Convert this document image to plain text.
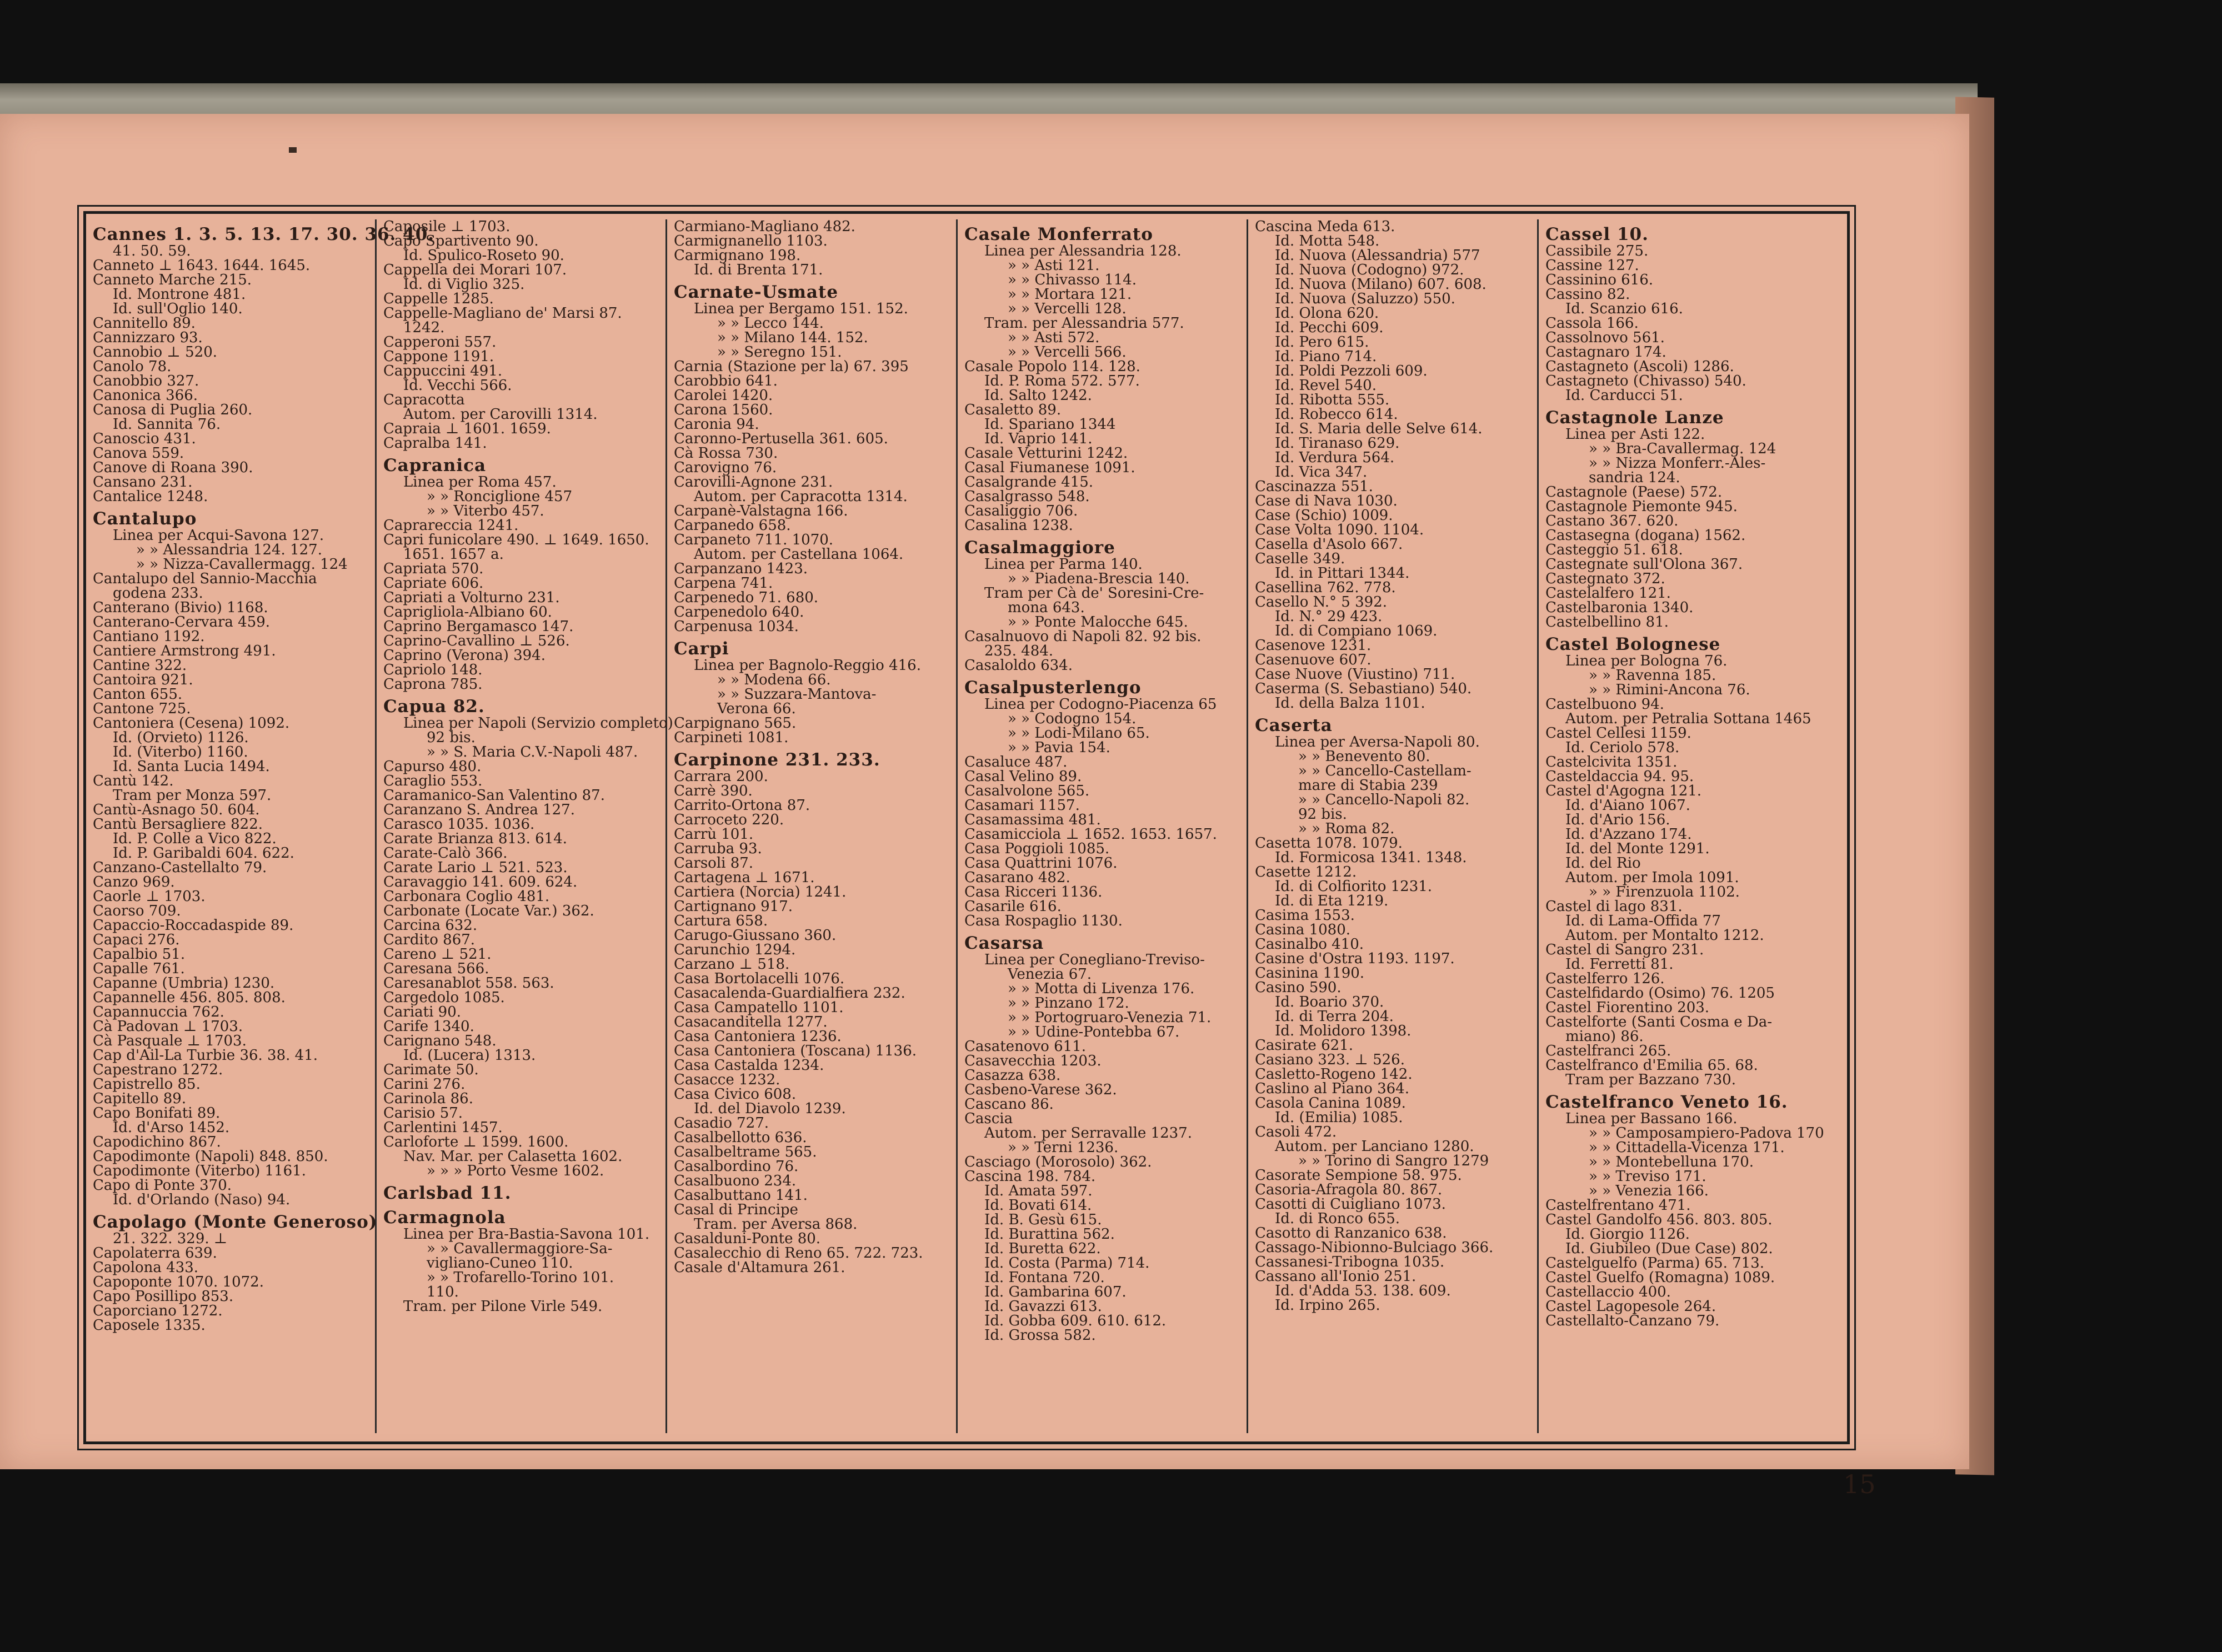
Cannes 1. 3. 5. 13. 17. 30. 36. 40.
41. 50. 59.
Canneto ⊥ 1643. 1644. 1645.
Canneto Marche 215.
Id. Montrone 481.
Id. sull'Oglio 140.
Cannitello 89.
Cannizzaro 93.
Cannobio ⊥ 520.
Canolo 78.
Canobbio 327.
Canonica 366.
Canosa di Puglia 260.
Id. Sannita 76.
Canoscio 431.
Canova 559.
Canove di Roana 390.
Cansano 231.
Cantalice 1248.
Cantalupo
Linea per Acqui-Savona 127.
» » Alessandria 124. 127.
» » Nizza-Cavallermagg. 124
Cantalupo del Sannio-Macchia
godena 233.
Canterano (Bivio) 1168.
Canterano-Cervara 459.
Cantiano 1192.
Cantiere Armstrong 491.
Cantine 322.
Cantoira 921.
Canton 655.
Cantone 725.
Cantoniera (Cesena) 1092.
Id. (Orvieto) 1126.
Id. (Viterbo) 1160.
Id. Santa Lucia 1494.
Cantù 142.
Tram per Monza 597.
Cantù-Asnago 50. 604.
Cantù Bersagliere 822.
Id. P. Colle a Vico 822.
Id. P. Garibaldi 604. 622.
Canzano-Castellalto 79.
Canzo 969.
Caorle ⊥ 1703.
Caorso 709.
Capaccio-Roccadaspide 89.
Capaci 276.
Capalbio 51.
Capalle 761.
Capanne (Umbria) 1230.
Capannelle 456. 805. 808.
Capannuccia 762.
Cà Padovan ⊥ 1703.
Cà Pasquale ⊥ 1703.
Cap d'Ail-La Turbie 36. 38. 41.
Capestrano 1272.
Capistrello 85.
Capitello 89.
Capo Bonifati 89.
Id. d'Arso 1452.
Capodichino 867.
Capodimonte (Napoli) 848. 850.
Capodimonte (Viterbo) 1161.
Capo di Ponte 370.
Id. d'Orlando (Naso) 94.
Capolago (Monte Generoso)
21. 322. 329. ⊥
Capolaterra 639.
Capolona 433.
Capoponte 1070. 1072.
Capo Posillipo 853.
Caporciano 1272.
Caposele 1335.
Caposile ⊥ 1703.
Capo Spartivento 90.
Id. Spulico-Roseto 90.
Cappella dei Morari 107.
Id. di Viglio 325.
Cappelle 1285.
Cappelle-Magliano de' Marsi 87.
1242.
Capperoni 557.
Cappone 1191.
Cappuccini 491.
Id. Vecchi 566.
Capracotta
Autom. per Carovilli 1314.
Capraia ⊥ 1601. 1659.
Capralba 141.
Capranica
Linea per Roma 457.
» » Ronciglione 457
» » Viterbo 457.
Caprareccia 1241.
Capri funicolare 490. ⊥ 1649. 1650.
1651. 1657 a.
Capriata 570.
Capriate 606.
Capriati a Volturno 231.
Caprigliola-Albiano 60.
Caprino Bergamasco 147.
Caprino-Cavallino ⊥ 526.
Caprino (Verona) 394.
Capriolo 148.
Caprona 785.
Capua 82.
Linea per Napoli (Servizio completo)
92 bis.
» » S. Maria C.V.-Napoli 487.
Capurso 480.
Caraglio 553.
Caramanico-San Valentino 87.
Caranzano S. Andrea 127.
Carasco 1035. 1036.
Carate Brianza 813. 614.
Carate-Calò 366.
Carate Lario ⊥ 521. 523.
Caravaggio 141. 609. 624.
Carbonara Coglio 481.
Carbonate (Locate Var.) 362.
Carcina 632.
Cardito 867.
Careno ⊥ 521.
Caresana 566.
Caresanablot 558. 563.
Cargedolo 1085.
Cariati 90.
Carife 1340.
Carignano 548.
Id. (Lucera) 1313.
Carimate 50.
Carini 276.
Carinola 86.
Carisio 57.
Carlentini 1457.
Carloforte ⊥ 1599. 1600.
Nav. Mar. per Calasetta 1602.
» » » Porto Vesme 1602.
Carlsbad 11.
Carmagnola
Linea per Bra-Bastia-Savona 101.
» » Cavallermaggiore-Sa-
vigliano-Cuneo 110.
» » Trofarello-Torino 101.
110.
Tram. per Pilone Virle 549.
Carmiano-Magliano 482.
Carmignanello 1103.
Carmignano 198.
Id. di Brenta 171.
Carnate-Usmate
Linea per Bergamo 151. 152.
» » Lecco 144.
» » Milano 144. 152.
» » Seregno 151.
Carnia (Stazione per la) 67. 395
Carobbio 641.
Carolei 1420.
Carona 1560.
Caronia 94.
Caronno-Pertusella 361. 605.
Cà Rossa 730.
Carovigno 76.
Carovilli-Agnone 231.
Autom. per Capracotta 1314.
Carpanè-Valstagna 166.
Carpanedo 658.
Carpaneto 711. 1070.
Autom. per Castellana 1064.
Carpanzano 1423.
Carpena 741.
Carpenedo 71. 680.
Carpenedolo 640.
Carpenusa 1034.
Carpi
Linea per Bagnolo-Reggio 416.
» » Modena 66.
» » Suzzara-Mantova-
Verona 66.
Carpignano 565.
Carpineti 1081.
Carpinone 231. 233.
Carrara 200.
Carrè 390.
Carrito-Ortona 87.
Carroceto 220.
Carrù 101.
Carruba 93.
Carsoli 87.
Cartagena ⊥ 1671.
Cartiera (Norcia) 1241.
Cartignano 917.
Cartura 658.
Carugo-Giussano 360.
Carunchio 1294.
Carzano ⊥ 518.
Casa Bortolacelli 1076.
Casacalenda-Guardialfiera 232.
Casa Campatello 1101.
Casacanditella 1277.
Casa Cantoniera 1236.
Casa Cantoniera (Toscana) 1136.
Casa Castalda 1234.
Casacce 1232.
Casa Civico 608.
Id. del Diavolo 1239.
Casadio 727.
Casalbellotto 636.
Casalbeltrame 565.
Casalbordino 76.
Casalbuono 234.
Casalbuttano 141.
Casal di Principe
Tram. per Aversa 868.
Casalduni-Ponte 80.
Casalecchio di Reno 65. 722. 723.
Casale d'Altamura 261.
Casale Monferrato
Linea per Alessandria 128.
» » Asti 121.
» » Chivasso 114.
» » Mortara 121.
» » Vercelli 128.
Tram. per Alessandria 577.
» » Asti 572.
» » Vercelli 566.
Casale Popolo 114. 128.
Id. P. Roma 572. 577.
Id. Salto 1242.
Casaletto 89.
Id. Spariano 1344
Id. Vaprio 141.
Casale Vetturini 1242.
Casal Fiumanese 1091.
Casalgrande 415.
Casalgrasso 548.
Casaliggio 706.
Casalina 1238.
Casalmaggiore
Linea per Parma 140.
» » Piadena-Brescia 140.
Tram per Cà de' Soresini-Cre-
mona 643.
» » Ponte Malocche 645.
Casalnuovo di Napoli 82. 92 bis.
235. 484.
Casaloldo 634.
Casalpusterlengo
Linea per Codogno-Piacenza 65
» » Codogno 154.
» » Lodi-Milano 65.
» » Pavia 154.
Casaluce 487.
Casal Velino 89.
Casalvolone 565.
Casamari 1157.
Casamassima 481.
Casamicciola ⊥ 1652. 1653. 1657.
Casa Poggioli 1085.
Casa Quattrini 1076.
Casarano 482.
Casa Ricceri 1136.
Casarile 616.
Casa Rospaglio 1130.
Casarsa
Linea per Conegliano-Treviso-
Venezia 67.
» » Motta di Livenza 176.
» » Pinzano 172.
» » Portogruaro-Venezia 71.
» » Udine-Pontebba 67.
Casatenovo 611.
Casavecchia 1203.
Casazza 638.
Casbeno-Varese 362.
Cascano 86.
Cascia
Autom. per Serravalle 1237.
» » Terni 1236.
Casciago (Morosolo) 362.
Cascina 198. 784.
Id. Amata 597.
Id. Bovati 614.
Id. B. Gesù 615.
Id. Burattina 562.
Id. Buretta 622.
Id. Costa (Parma) 714.
Id. Fontana 720.
Id. Gambarina 607.
Id. Gavazzi 613.
Id. Gobba 609. 610. 612.
Id. Grossa 582.
Cascina Meda 613.
Id. Motta 548.
Id. Nuova (Alessandria) 577
Id. Nuova (Codogno) 972.
Id. Nuova (Milano) 607. 608.
Id. Nuova (Saluzzo) 550.
Id. Olona 620.
Id. Pecchi 609.
Id. Pero 615.
Id. Piano 714.
Id. Poldi Pezzoli 609.
Id. Revel 540.
Id. Ribotta 555.
Id. Robecco 614.
Id. S. Maria delle Selve 614.
Id. Tiranaso 629.
Id. Verdura 564.
Id. Vica 347.
Cascinazza 551.
Case di Nava 1030.
Case (Schio) 1009.
Case Volta 1090. 1104.
Casella d'Asolo 667.
Caselle 349.
Id. in Pittari 1344.
Casellina 762. 778.
Casello N.° 5 392.
Id. N.° 29 423.
Id. di Compiano 1069.
Casenove 1231.
Casenuove 607.
Case Nuove (Viustino) 711.
Caserma (S. Sebastiano) 540.
Id. della Balza 1101.
Caserta
Linea per Aversa-Napoli 80.
» » Benevento 80.
» » Cancello-Castellam-
mare di Stabia 239
» » Cancello-Napoli 82.
92 bis.
» » Roma 82.
Casetta 1078. 1079.
Id. Formicosa 1341. 1348.
Casette 1212.
Id. di Colfiorito 1231.
Id. di Eta 1219.
Casima 1553.
Casina 1080.
Casinalbo 410.
Casine d'Ostra 1193. 1197.
Casinina 1190.
Casino 590.
Id. Boario 370.
Id. di Terra 204.
Id. Molidoro 1398.
Casirate 621.
Casiano 323. ⊥ 526.
Casletto-Rogeno 142.
Caslino al Piano 364.
Casola Canina 1089.
Id. (Emilia) 1085.
Casoli 472.
Autom. per Lanciano 1280.
» » Torino di Sangro 1279
Casorate Sempione 58. 975.
Casoria-Afragola 80. 867.
Casotti di Cuigliano 1073.
Id. di Ronco 655.
Casotto di Ranzanico 638.
Cassago-Nibionno-Bulciago 366.
Cassanesi-Tribogna 1035.
Cassano all'Ionio 251.
Id. d'Adda 53. 138. 609.
Id. Irpino 265.
Cassel 10.
Cassibile 275.
Cassine 127.
Cassinino 616.
Cassino 82.
Id. Scanzio 616.
Cassola 166.
Cassolnovo 561.
Castagnaro 174.
Castagneto (Ascoli) 1286.
Castagneto (Chivasso) 540.
Id. Carducci 51.
Castagnole Lanze
Linea per Asti 122.
» » Bra-Cavallermag. 124
» » Nizza Monferr.-Ales-
sandria 124.
Castagnole (Paese) 572.
Castagnole Piemonte 945.
Castano 367. 620.
Castasegna (dogana) 1562.
Casteggio 51. 618.
Castegnate sull'Olona 367.
Castegnato 372.
Castelalfero 121.
Castelbaronia 1340.
Castelbellino 81.
Castel Bolognese
Linea per Bologna 76.
» » Ravenna 185.
» » Rimini-Ancona 76.
Castelbuono 94.
Autom. per Petralia Sottana 1465
Castel Cellesi 1159.
Id. Ceriolo 578.
Castelcivita 1351.
Casteldaccia 94. 95.
Castel d'Agogna 121.
Id. d'Aiano 1067.
Id. d'Ario 156.
Id. d'Azzano 174.
Id. del Monte 1291.
Id. del Rio
Autom. per Imola 1091.
» » Firenzuola 1102.
Castel di lago 831.
Id. di Lama-Offida 77
Autom. per Montalto 1212.
Castel di Sangro 231.
Id. Ferretti 81.
Castelferro 126.
Castelfidardo (Osimo) 76. 1205
Castel Fiorentino 203.
Castelforte (Santi Cosma e Da-
miano) 86.
Castelfranci 265.
Castelfranco d'Emilia 65. 68.
Tram per Bazzano 730.
Castelfranco Veneto 16.
Linea per Bassano 166.
» » Camposampiero-Padova 170
» » Cittadella-Vicenza 171.
» » Montebelluna 170.
» » Treviso 171.
» » Venezia 166.
Castelfrentano 471.
Castel Gandolfo 456. 803. 805.
Id. Giorgio 1126.
Id. Giubileo (Due Case) 802.
Castelguelfo (Parma) 65. 713.
Castel Guelfo (Romagna) 1089.
Castellaccio 400.
Castel Lagopesole 264.
Castellalto-Canzano 79.
15
